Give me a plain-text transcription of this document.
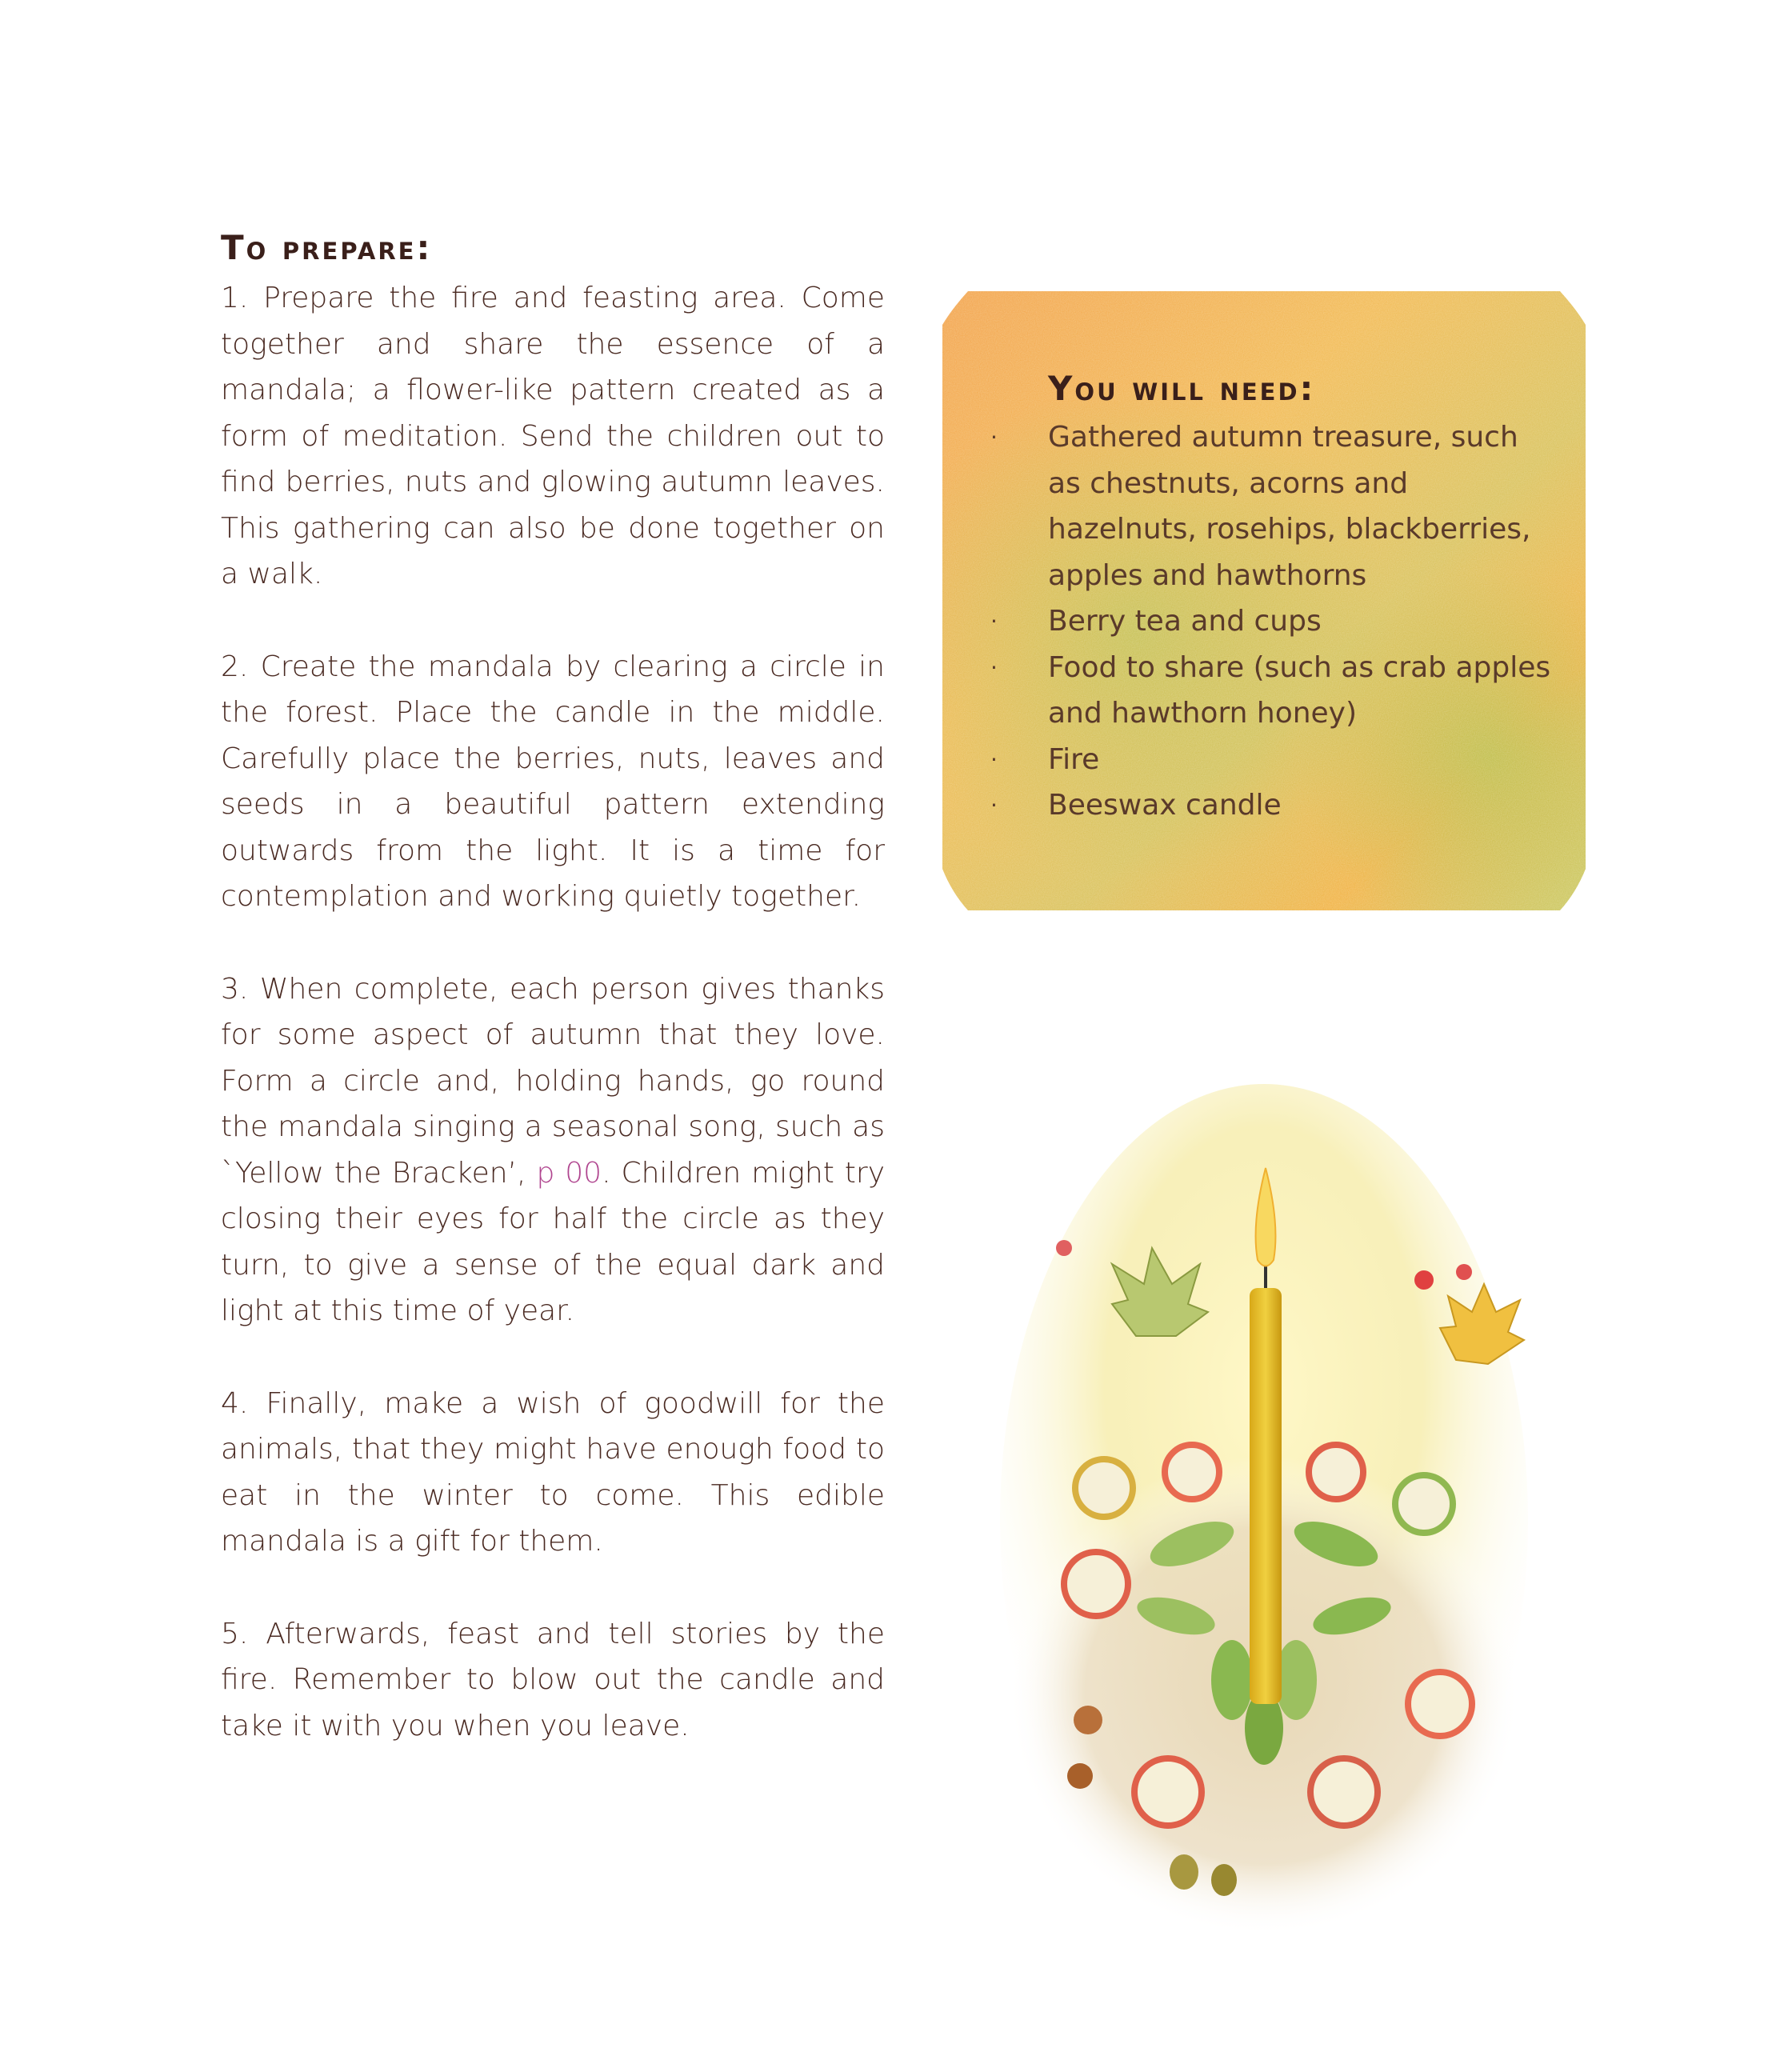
To prepare:

1. Prepare the fire and feasting area. Come together and share the essence of a mandala; a flower-like pattern created as a form of meditation. Send the children out to find berries, nuts and glowing autumn leaves. This gathering can also be done together on a walk.

2. Create the mandala by clearing a circle in the forest. Place the candle in the middle. Carefully place the berries, nuts, leaves and seeds in a beautiful pattern extending outwards from the light. It is a time for contemplation and working quietly together.

3. When complete, each person gives thanks for some aspect of autumn that they love. Form a circle and, holding hands, go round the mandala singing a seasonal song, such as `Yellow the Bracken’, p 00. Children might try closing their eyes for half the circle as they turn, to give a sense of the equal dark and light at this time of year.

4. Finally, make a wish of goodwill for the animals, that they might have enough food to eat in the winter to come. This edible mandala is a gift for them.

5. Afterwards, feast and tell stories by the fire. Remember to blow out the candle and take it with you when you leave.

You will need:
· Gathered autumn treasure, such as chestnuts, acorns and hazelnuts, rosehips, blackberries, apples and hawthorns
· Berry tea and cups
· Food to share (such as crab apples and hawthorn honey)
· Fire
· Beeswax candle
